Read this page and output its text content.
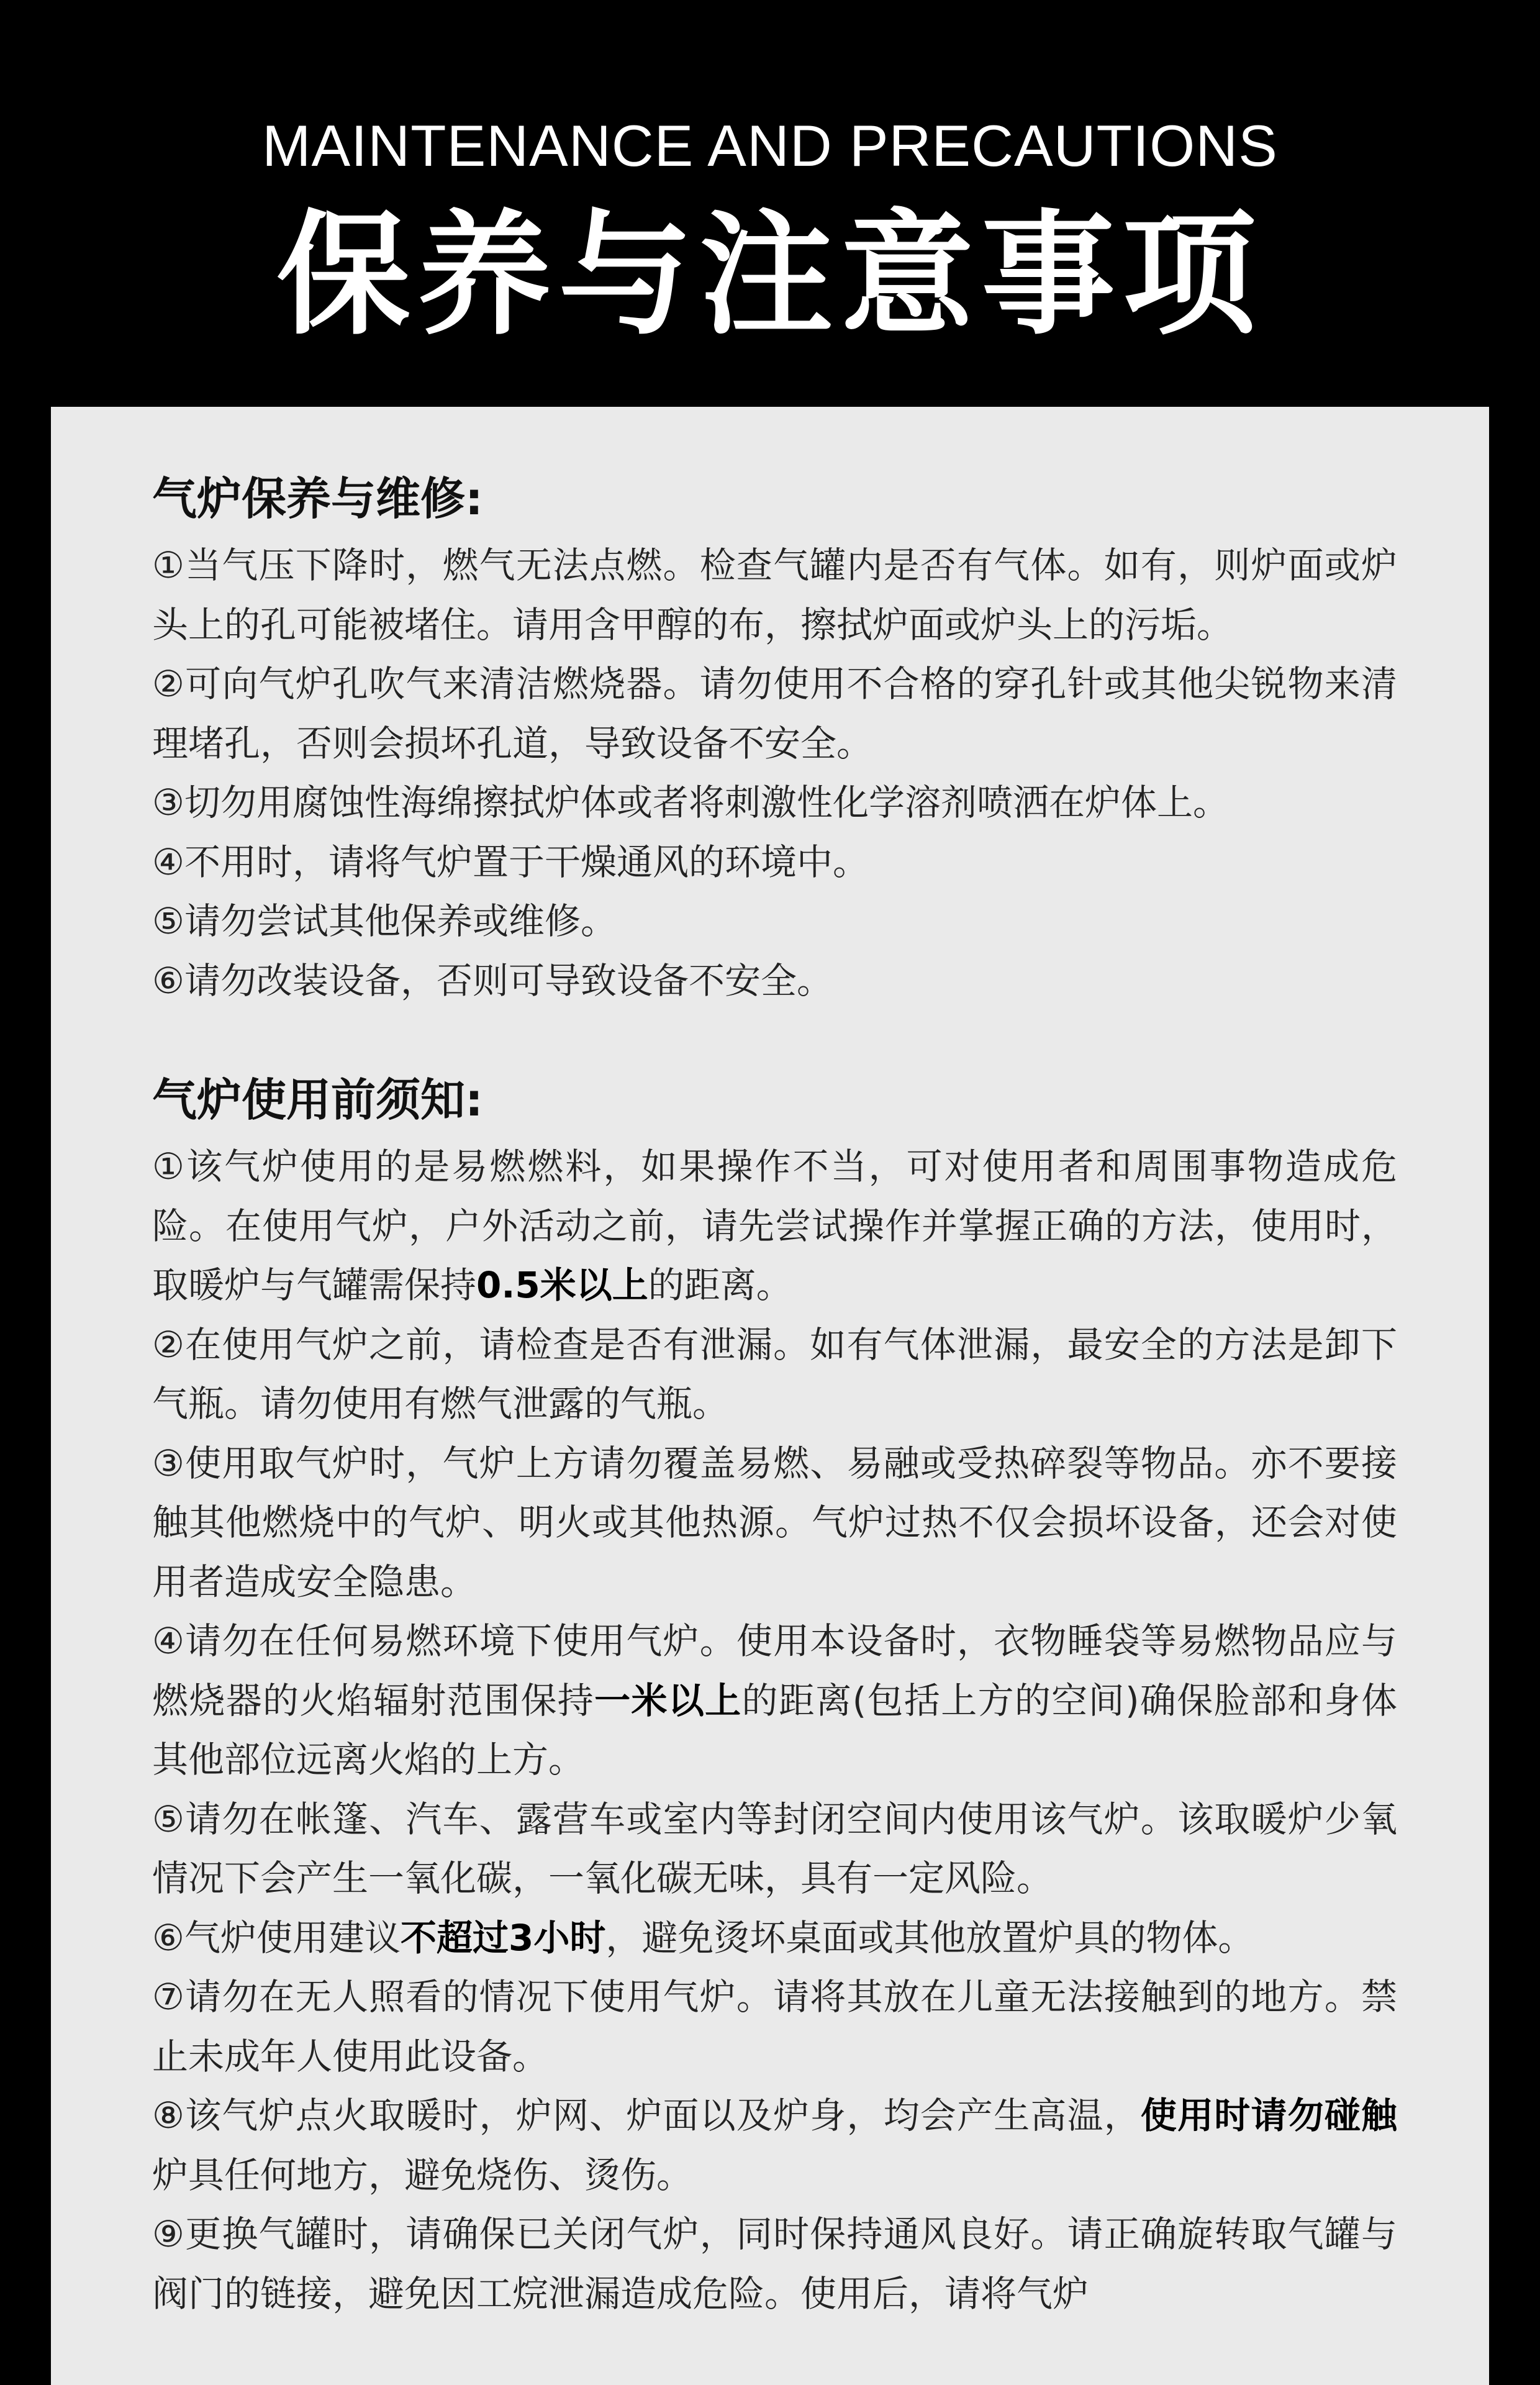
MAINTENANCE AND PRECAUTIONS
保养与注意事项
气炉保养与维修:

①当气压下降时，燃气无法点燃。检查气罐内是否有气体。如有，则炉面或炉头上的孔可能被堵住。请用含甲醇的布，擦拭炉面或炉头上的污垢。

②可向气炉孔吹气来清洁燃烧器。请勿使用不合格的穿孔针或其他尖锐物来清理堵孔，否则会损坏孔道，导致设备不安全。

③切勿用腐蚀性海绵擦拭炉体或者将刺激性化学溶剂喷洒在炉体上。

④不用时，请将气炉置于干燥通风的环境中。

⑤请勿尝试其他保养或维修。

⑥请勿改装设备，否则可导致设备不安全。

气炉使用前须知:

①该气炉使用的是易燃燃料，如果操作不当，可对使用者和周围事物造成危险。在使用气炉，户外活动之前，请先尝试操作并掌握正确的方法，使用时，取暖炉与气罐需保持0.5米以上的距离。

②在使用气炉之前，请检查是否有泄漏。如有气体泄漏，最安全的方法是卸下气瓶。请勿使用有燃气泄露的气瓶。

③使用取气炉时，气炉上方请勿覆盖易燃、易融或受热碎裂等物品。亦不要接触其他燃烧中的气炉、明火或其他热源。气炉过热不仅会损坏设备，还会对使用者造成安全隐患。

④请勿在任何易燃环境下使用气炉。使用本设备时，衣物睡袋等易燃物品应与燃烧器的火焰辐射范围保持一米以上的距离(包括上方的空间)确保脸部和身体其他部位远离火焰的上方。

⑤请勿在帐篷、汽车、露营车或室内等封闭空间内使用该气炉。该取暖炉少氧情况下会产生一氧化碳，一氧化碳无味，具有一定风险。

⑥气炉使用建议不超过3小时，避免烫坏桌面或其他放置炉具的物体。

⑦请勿在无人照看的情况下使用气炉。请将其放在儿童无法接触到的地方。禁止未成年人使用此设备。

⑧该气炉点火取暖时，炉网、炉面以及炉身，均会产生高温，使用时请勿碰触炉具任何地方，避免烧伤、烫伤。

⑨更换气罐时，请确保已关闭气炉，同时保持通风良好。请正确旋转取气罐与阀门的链接，避免因工烷泄漏造成危险。使用后，请将气炉
